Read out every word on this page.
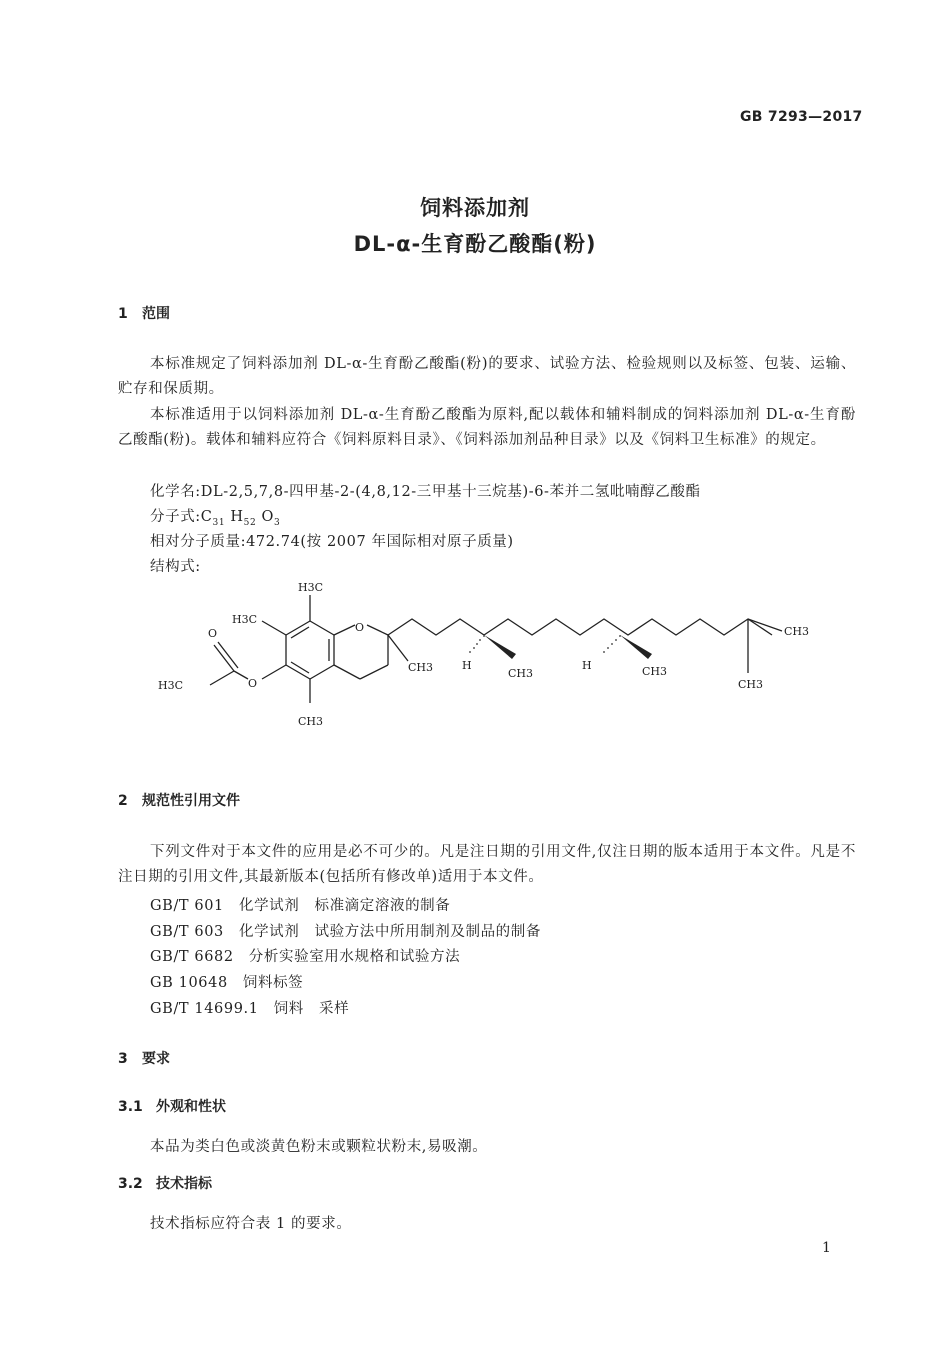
GB 7293—2017
饲料添加剂
DL-α-生育酚乙酸酯(粉)
1 范围

本标准规定了饲料添加剂 DL-α-生育酚乙酸酯(粉)的要求、试验方法、检验规则以及标签、包装、运输、贮存和保质期。

本标准适用于以饲料添加剂 DL-α-生育酚乙酸酯为原料,配以载体和辅料制成的饲料添加剂 DL-α-生育酚乙酸酯(粉)。载体和辅料应符合《饲料原料目录》、《饲料添加剂品种目录》以及《饲料卫生标准》的规定。

化学名:DL-2,5,7,8-四甲基-2-(4,8,12-三甲基十三烷基)-6-苯并二氢吡喃醇乙酸酯
分子式$:C_{31}$ $H_{52}$ $O_3$
相对分子质量:472.74(按 2007 年国际相对原子质量)
结构式:
H3C
H3C
H3C
O
O
O
CH3
CH3
H
CH3
H	CH3
CH3
CH3
2 规范性引用文件

下列文件对于本文件的应用是必不可少的。凡是注日期的引用文件,仅注日期的版本适用于本文件。凡是不注日期的引用文件,其最新版本(包括所有修改单)适用于本文件。

GB/T 601　化学试剂　标准滴定溶液的制备
GB/T 603　化学试剂　试验方法中所用制剂及制品的制备
GB/T 6682　分析实验室用水规格和试验方法
GB 10648　饲料标签
GB/T 14699.1　饲料　采样
3 要求
3.1 外观和性状
本品为类白色或淡黄色粉末或颗粒状粉末,易吸潮。
3.2 技术指标
技术指标应符合表 1 的要求。
1
